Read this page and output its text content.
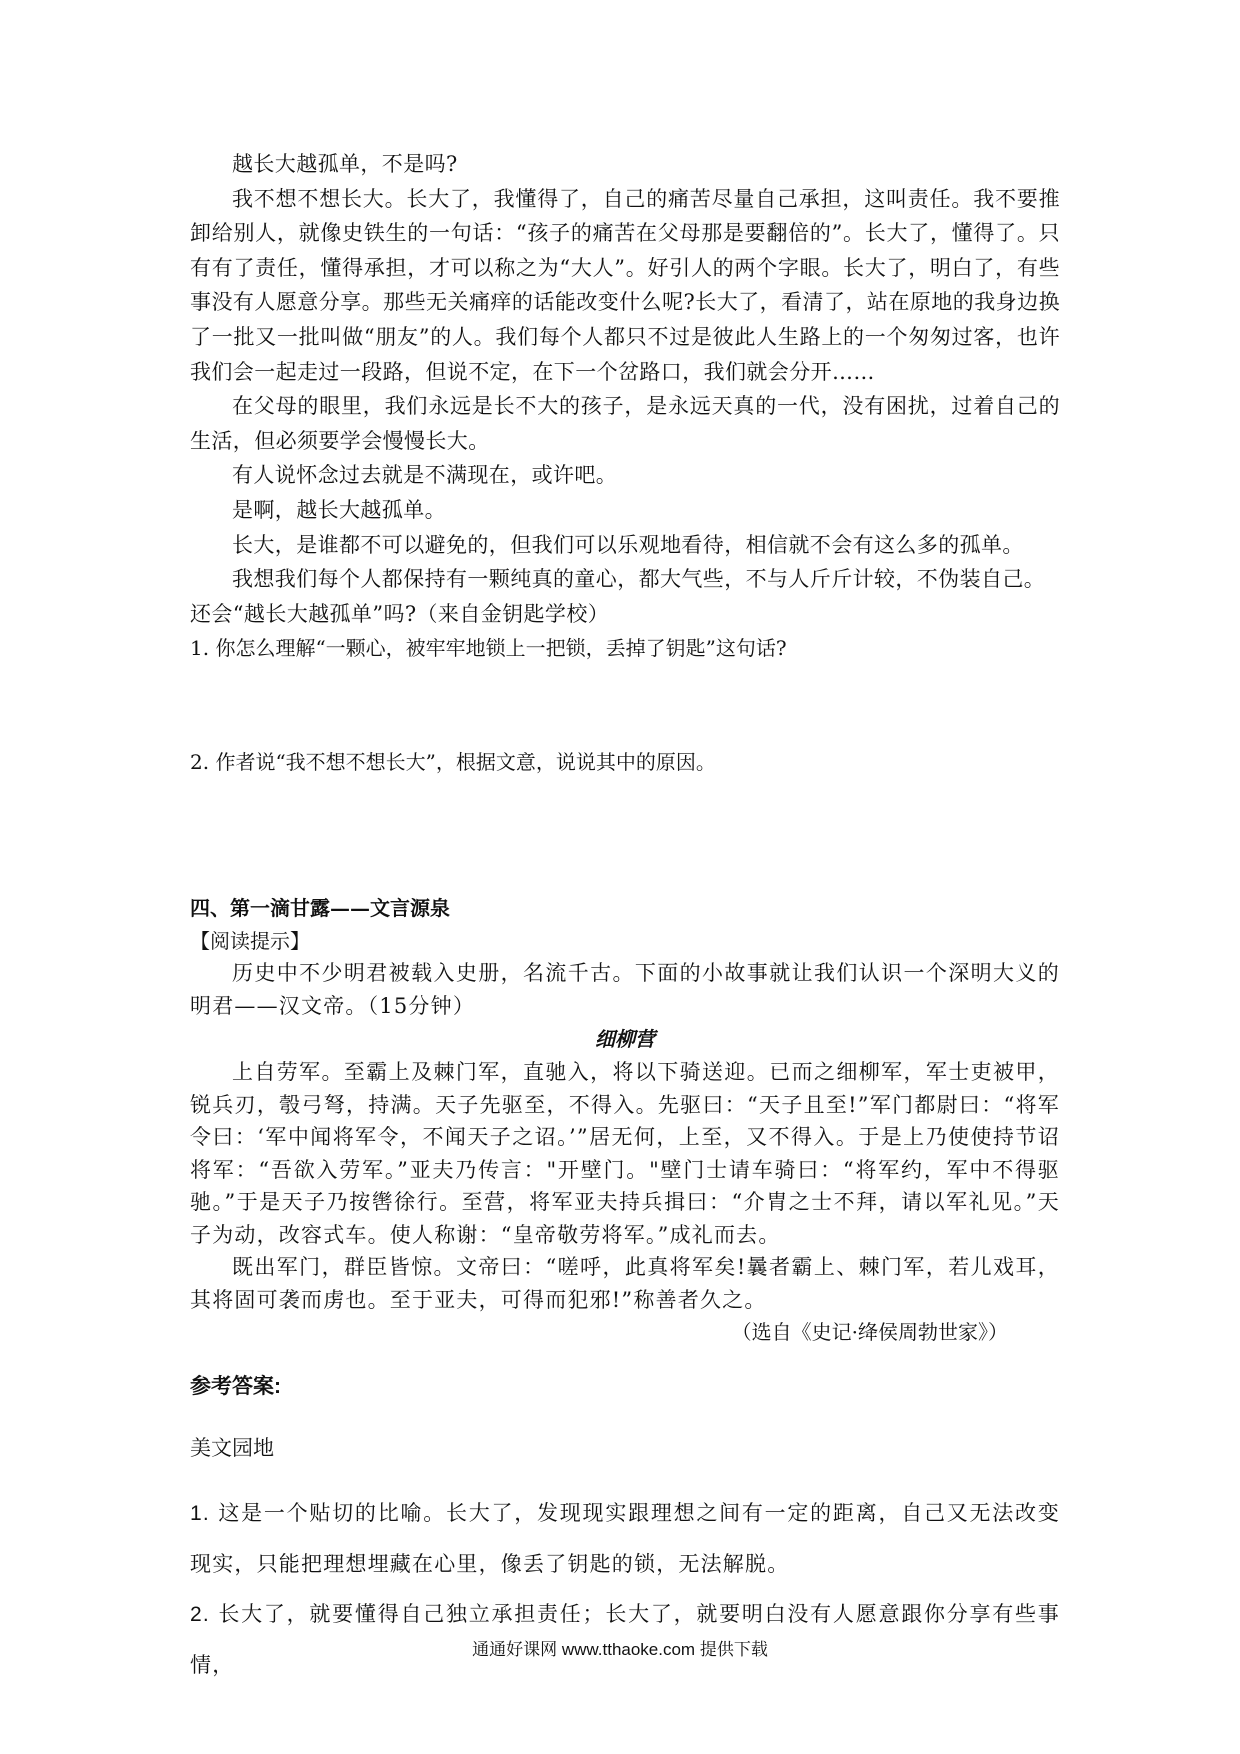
越长大越孤单，不是吗?

我不想不想长大。长大了，我懂得了，自己的痛苦尽量自己承担，这叫责任。我不要推卸给别人，就像史铁生的一句话：“孩子的痛苦在父母那是要翻倍的”。长大了，懂得了。只有有了责任，懂得承担，才可以称之为“大人”。好引人的两个字眼。长大了，明白了，有些事没有人愿意分享。那些无关痛痒的话能改变什么呢?长大了，看清了，站在原地的我身边换了一批又一批叫做“朋友”的人。我们每个人都只不过是彼此人生路上的一个匆匆过客，也许我们会一起走过一段路，但说不定，在下一个岔路口，我们就会分开……

在父母的眼里，我们永远是长不大的孩子，是永远天真的一代，没有困扰，过着自己的生活，但必须要学会慢慢长大。

有人说怀念过去就是不满现在，或许吧。

是啊，越长大越孤单。

长大，是谁都不可以避免的，但我们可以乐观地看待，相信就不会有这么多的孤单。

我想我们每个人都保持有一颗纯真的童心，都大气些，不与人斤斤计较，不伪装自己。

还会“越长大越孤单”吗?（来自金钥匙学校）

1. 你怎么理解“一颗心，被牢牢地锁上一把锁，丢掉了钥匙”这句话?

2. 作者说“我不想不想长大”，根据文意，说说其中的原因。

四、第一滴甘露——文言源泉

【阅读提示】

历史中不少明君被载入史册，名流千古。下面的小故事就让我们认识一个深明大义的明君——汉文帝。（15分钟）

细柳营

上自劳军。至霸上及棘门军，直驰入，将以下骑送迎。已而之细柳军，军士吏被甲，锐兵刃，彀弓弩，持满。天子先驱至，不得入。先驱曰：“天子且至!”军门都尉曰：“将军令曰：‘军中闻将军令，不闻天子之诏。’”居无何，上至，又不得入。于是上乃使使持节诏将军：“吾欲入劳军。”亚夫乃传言："开壁门。"壁门士请车骑曰：“将军约，军中不得驱驰。”于是天子乃按辔徐行。至营，将军亚夫持兵揖曰：“介胄之士不拜，请以军礼见。”天子为动，改容式车。使人称谢：“皇帝敬劳将军。”成礼而去。

既出军门，群臣皆惊。文帝曰：“嗟呼，此真将军矣!曩者霸上、棘门军，若儿戏耳，其将固可袭而虏也。至于亚夫，可得而犯邪!”称善者久之。

（选自《史记·绛侯周勃世家》）

参考答案:

美文园地

1. 这是一个贴切的比喻。长大了，发现现实跟理想之间有一定的距离，自己又无法改变现实，只能把理想埋藏在心里，像丢了钥匙的锁，无法解脱。

2. 长大了，就要懂得自己独立承担责任；长大了，就要明白没有人愿意跟你分享有些事情，

通通好课网 www.tthaoke.com 提供下载
